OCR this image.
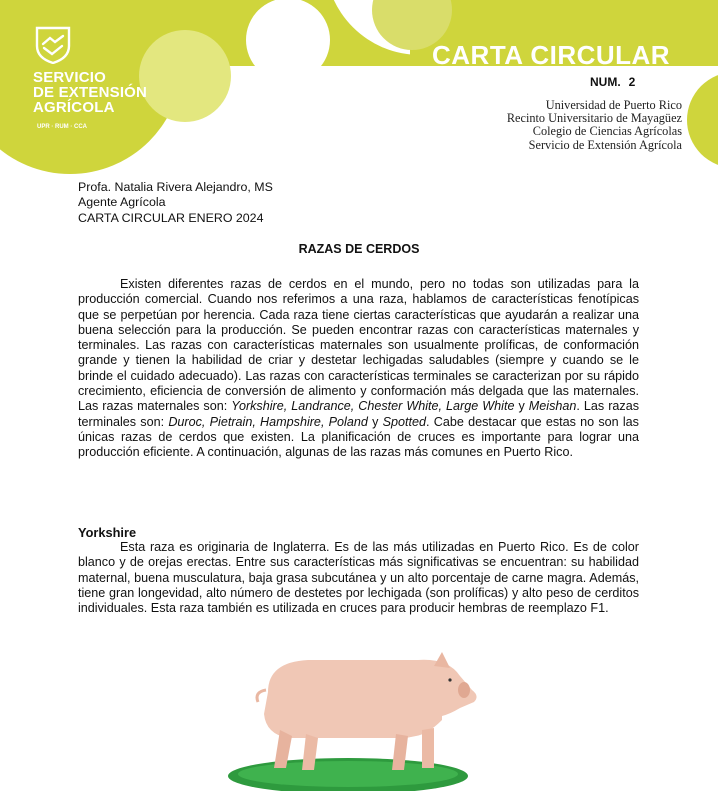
SERVICIO
DE EXTENSIÓN
AGRÍCOLA
UPR · RUM · CCA
CARTA CIRCULAR
NUM. 2
Universidad de Puerto Rico
Recinto Universitario de Mayagüez
Colegio de Ciencias Agrícolas
Servicio de Extensión Agrícola
Profa. Natalia Rivera Alejandro, MS
Agente Agrícola
CARTA CIRCULAR ENERO 2024
RAZAS DE CERDOS
Existen diferentes razas de cerdos en el mundo, pero no todas son utilizadas para la producción comercial. Cuando nos referimos a una raza, hablamos de características fenotípicas que se perpetúan por herencia. Cada raza tiene ciertas características que ayudarán a realizar una buena selección para la producción. Se pueden encontrar razas con características maternales y terminales. Las razas con características maternales son usualmente prolíficas, de conformación grande y tienen la habilidad de criar y destetar lechigadas saludables (siempre y cuando se le brinde el cuidado adecuado). Las razas con características terminales se caracterizan por su rápido crecimiento, eficiencia de conversión de alimento y conformación más delgada que las maternales. Las razas maternales son: Yorkshire, Landrance, Chester White, Large White y Meishan. Las razas terminales son: Duroc, Pietrain, Hampshire, Poland y Spotted. Cabe destacar que estas no son las únicas razas de cerdos que existen. La planificación de cruces es importante para lograr una producción eficiente. A continuación, algunas de las razas más comunes en Puerto Rico.
Yorkshire
Esta raza es originaria de Inglaterra. Es de las más utilizadas en Puerto Rico. Es de color blanco y de orejas erectas. Entre sus características más significativas se encuentran: su habilidad maternal, buena musculatura, baja grasa subcutánea y un alto porcentaje de carne magra. Además, tiene gran longevidad, alto número de destetes por lechigada (son prolíficas) y alto peso de cerditos individuales. Esta raza también es utilizada en cruces para producir hembras de reemplazo F1.
